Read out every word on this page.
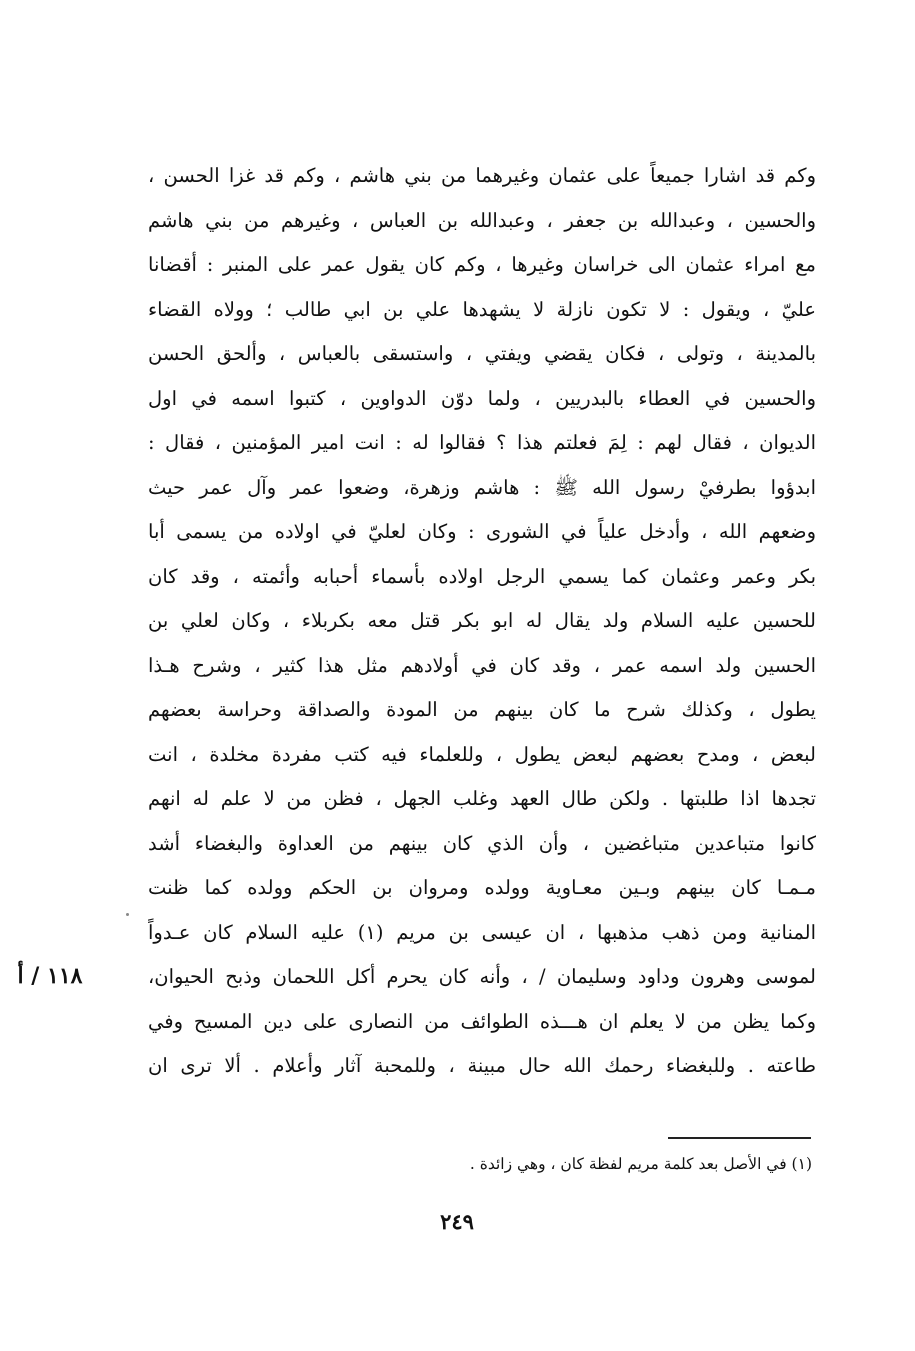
وكم قد اشارا جميعاً على عثمان وغيرهما من بني هاشم ، وكم قد غزا الحسن ،
والحسين ، وعبدالله بن جعفر ، وعبدالله بن العباس ، وغيرهم من بني هاشم
مع امراء عثمان الى خراسان وغيرها ، وكم كان يقول عمر على المنبر : أقضانا
عليّ ، ويقول : لا تكون نازلة لا يشهدها علي بن ابي طالب ؛ وولاه القضاء
بالمدينة ، وتولى ، فكان يقضي ويفتي ، واستسقى بالعباس ، وألحق الحسن
والحسين في العطاء بالبدريين ، ولما دوّن الدواوين ، كتبوا اسمه في اول
الديوان ، فقال لهم : لِمَ فعلتم هذا ؟ فقالوا له : انت امير المؤمنين ، فقال :
ابدؤوا بطرفيْ رسول الله ﷺ : هاشم وزهرة، وضعوا عمر وآل عمر حيث
وضعهم الله ، وأدخل علياً في الشورى : وكان لعليّ في اولاده من يسمى أبا
بكر وعمر وعثمان كما يسمي الرجل اولاده بأسماء أحبابه وأئمته ، وقد كان
للحسين عليه السلام ولد يقال له ابو بكر قتل معه بكربلاء ، وكان لعلي بن
الحسين ولد اسمه عمر ، وقد كان في أولادهم مثل هذا كثير ، وشرح هـذا
يطول ، وكذلك شرح ما كان بينهم من المودة والصداقة وحراسة بعضهم
لبعض ، ومدح بعضهم لبعض يطول ، وللعلماء فيه كتب مفردة مخلدة ، انت
تجدها اذا طلبتها . ولكن طال العهد وغلب الجهل ، فظن من لا علم له انهم
كانوا متباعدين متباغضين ، وأن الذي كان بينهم من العداوة والبغضاء أشد
مـمـا كان بينهم وبـين معـاوية وولده ومروان بن الحكم وولده كما ظنت
المنانية ومن ذهب مذهبها ، ان عيسى بن مريم (١) عليه السلام كان عـدواً
لموسى وهرون وداود وسليمان / ، وأنه كان يحرم أكل اللحمان وذبح الحيوان،
وكما يظن من لا يعلم ان هـــذه الطوائف من النصارى على دين المسيح وفي
طاعته . وللبغضاء رحمك الله حال مبينة ، وللمحبة آثار وأعلام . ألا ترى ان
١١٨ / أ
(١) في الأصل بعد كلمة مريم لفظة كان ، وهي زائدة .
٢٤٩
